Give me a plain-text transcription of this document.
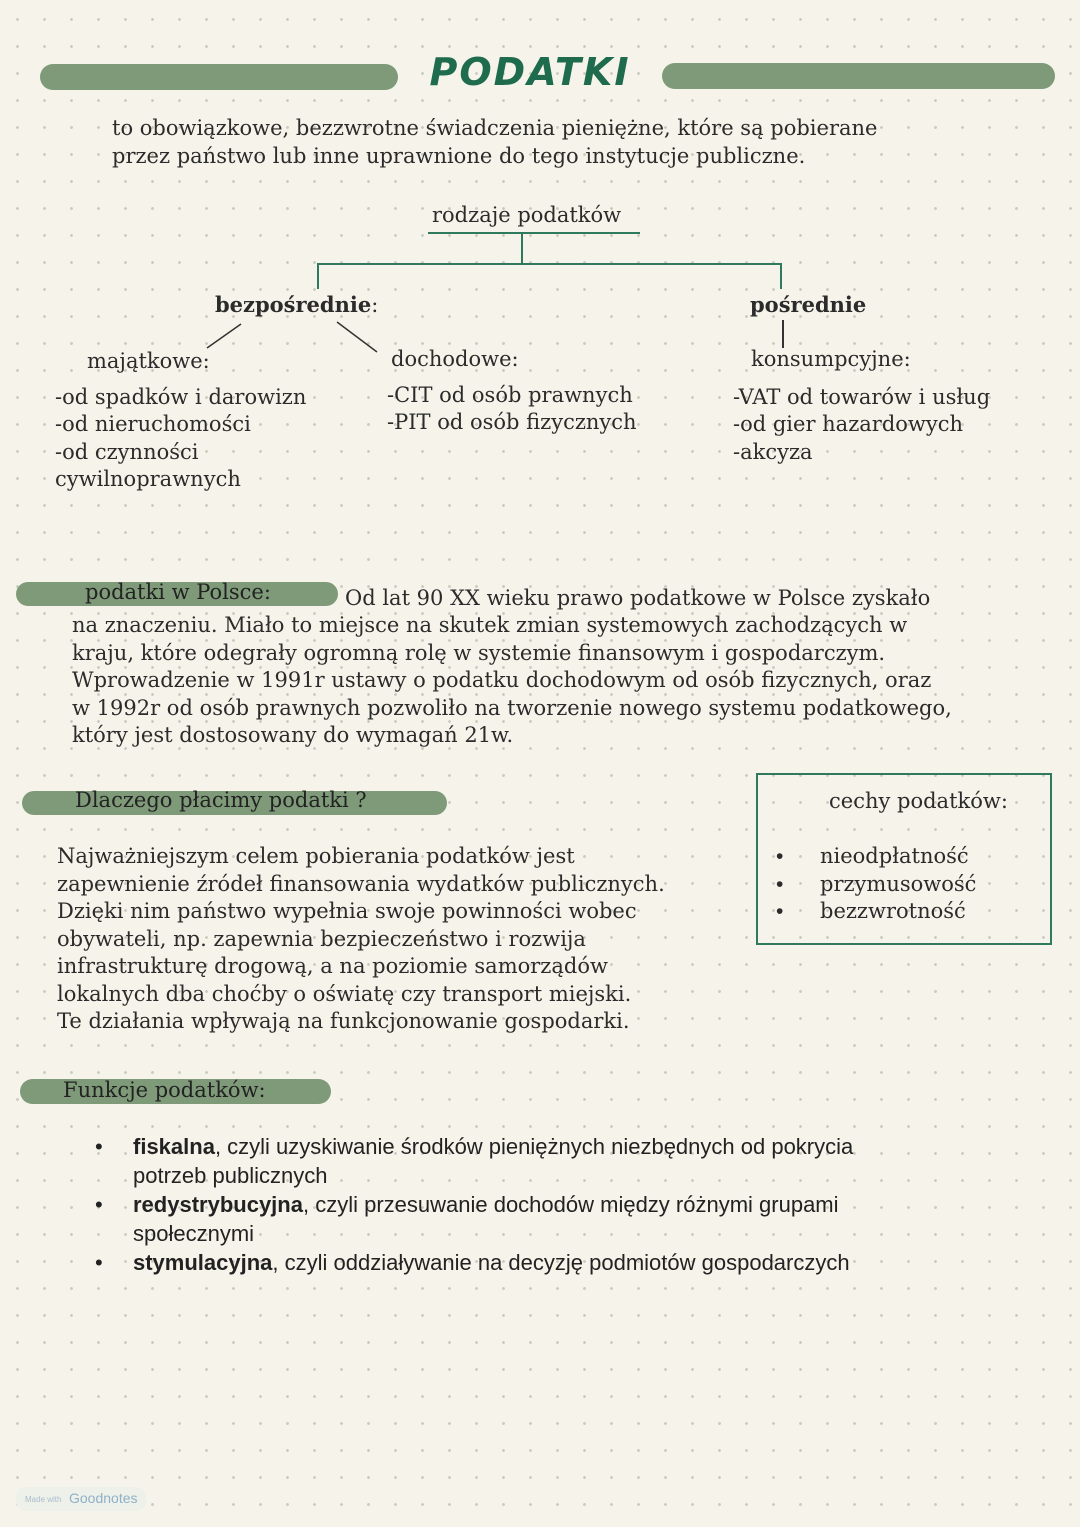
PODATKI
to obowiązkowe, bezzwrotne świadczenia pieniężne, które są pobierane
przez państwo lub inne uprawnione do tego instytucje publiczne.
rodzaje podatków
bezpośrednie:	pośrednie
majątkowe:
-od spadków i darowizn
-od nieruchomości
-od czynności
cywilnoprawnych
dochodowe:
-CIT od osób prawnych
-PIT od osób fizycznych
konsumpcyjne:
-VAT od towarów i usług
-od gier hazardowych
-akcyza
podatki w Polsce:	Od lat 90 XX wieku prawo podatkowe w Polsce zyskało
na znaczeniu. Miało to miejsce na skutek zmian systemowych zachodzących w
kraju, które odegrały ogromną rolę w systemie finansowym i gospodarczym.
Wprowadzenie w 1991r ustawy o podatku dochodowym od osób fizycznych, oraz
w 1992r od osób prawnych pozwoliło na tworzenie nowego systemu podatkowego,
który jest dostosowany do wymagań 21w.
Dlaczego płacimy podatki ?
Najważniejszym celem pobierania podatków jest
zapewnienie źródeł finansowania wydatków publicznych.
Dzięki nim państwo wypełnia swoje powinności wobec
obywateli, np. zapewnia bezpieczeństwo i rozwija
infrastrukturę drogową, a na poziomie samorządów
lokalnych dba choćby o oświatę czy transport miejski.
Te działania wpływają na funkcjonowanie gospodarki.
cechy podatków:
• nieodpłatność
• przymusowość
• bezzwrotność
Funkcje podatków:
• fiskalna, czyli uzyskiwanie środków pieniężnych niezbędnych od pokrycia
potrzeb publicznych
• redystrybucyjna, czyli przesuwanie dochodów między różnymi grupami
społecznymi
• stymulacyjna, czyli oddziaływanie na decyzję podmiotów gospodarczych
Made with Goodnotes
